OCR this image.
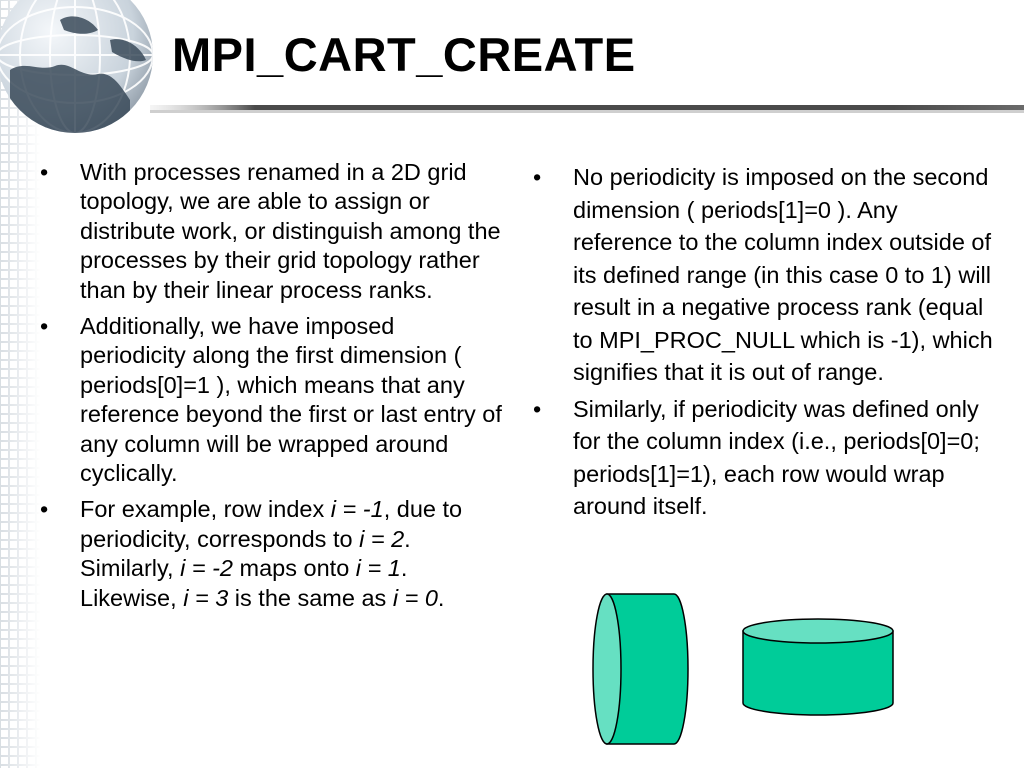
MPI_CART_CREATE
• With processes renamed in a 2D grid topology, we are able to assign or distribute work, or distinguish among the processes by their grid topology rather than by their linear process ranks.
• Additionally, we have imposed periodicity along the first dimension ( periods[0]=1 ), which means that any reference beyond the first or last entry of any column will be wrapped around cyclically.
• For example, row index i = -1, due to periodicity, corresponds to i = 2. Similarly, i = -2 maps onto i = 1. Likewise, i = 3 is the same as i = 0.
• No periodicity is imposed on the second dimension ( periods[1]=0 ). Any reference to the column index outside of its defined range (in this case 0 to 1) will result in a negative process rank (equal to MPI_PROC_NULL which is -1), which signifies that it is out of range.
• Similarly, if periodicity was defined only for the column index (i.e., periods[0]=0; periods[1]=1), each row would wrap around itself.
